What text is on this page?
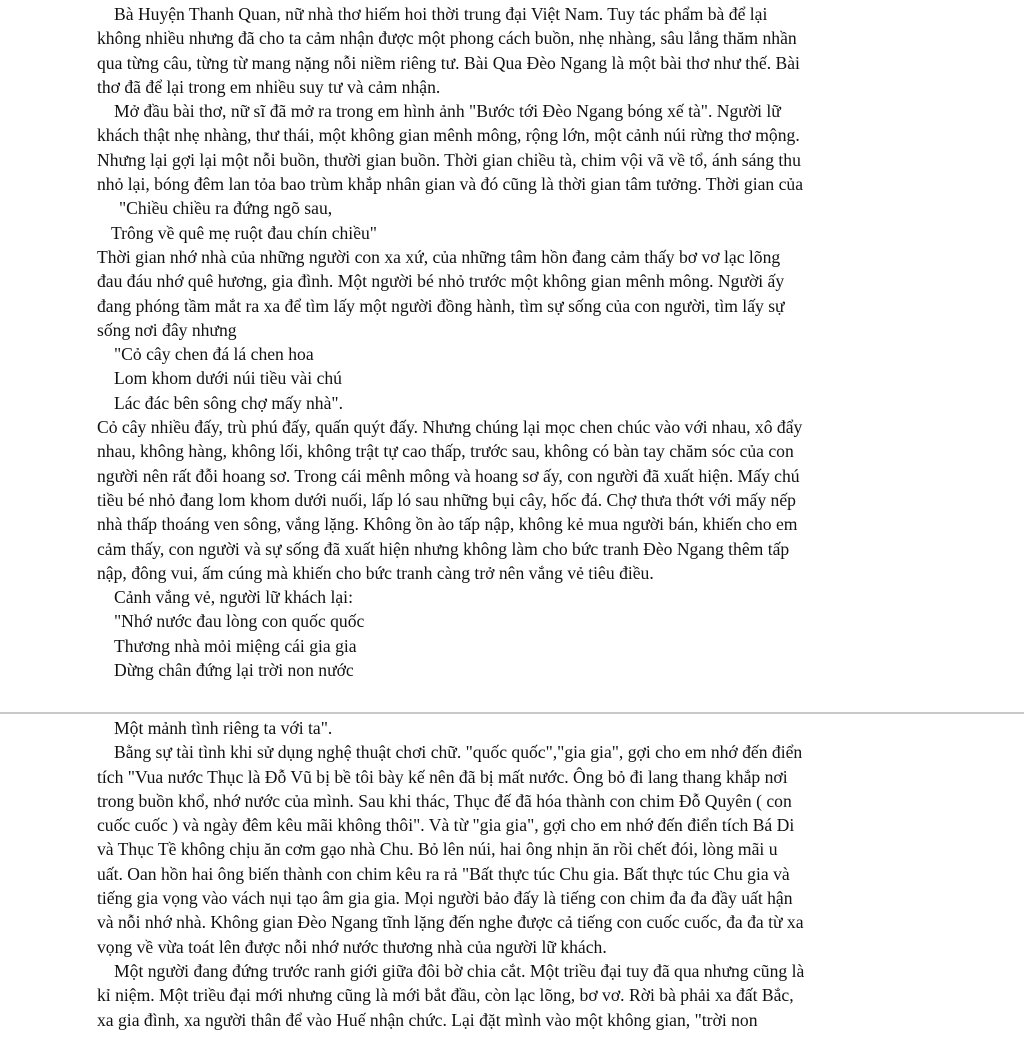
Bà Huyện Thanh Quan, nữ nhà thơ hiếm hoi thời trung đại Việt Nam. Tuy tác phẩm bà để lại
không nhiều nhưng đã cho ta cảm nhận được một phong cách buồn, nhẹ nhàng, sâu lắng thăm nhần
qua từng câu, từng từ mang nặng nỗi niềm riêng tư. Bài Qua Đèo Ngang là một bài thơ như thế. Bài
thơ đã để lại trong em nhiều suy tư và cảm nhận.
Mở đầu bài thơ, nữ sĩ đã mở ra trong em hình ảnh "Bước tới Đèo Ngang bóng xế tà". Người lữ
khách thật nhẹ nhàng, thư thái, một không gian mênh mông, rộng lớn, một cảnh núi rừng thơ mộng.
Nhưng lại gợi lại một nỗi buồn, thười gian buồn. Thời gian chiều tà, chim vội vã về tổ, ánh sáng thu
nhỏ lại, bóng đêm lan tỏa bao trùm khắp nhân gian và đó cũng là thời gian tâm tưởng. Thời gian của
"Chiều chiều ra đứng ngõ sau,
Trông về quê mẹ ruột đau chín chiều"
Thời gian nhớ nhà của những người con xa xứ, của những tâm hồn đang cảm thấy bơ vơ lạc lõng
đau đáu nhớ quê hương, gia đình. Một người bé nhỏ trước một không gian mênh mông. Người ấy
đang phóng tầm mắt ra xa để tìm lấy một người đồng hành, tìm sự sống của con người, tìm lấy sự
sống nơi đây nhưng
"Cỏ cây chen đá lá chen hoa
Lom khom dưới núi tiều vài chú
Lác đác bên sông chợ mấy nhà".
Cỏ cây nhiều đấy, trù phú đấy, quấn quýt đấy. Nhưng chúng lại mọc chen chúc vào với nhau, xô đẩy
nhau, không hàng, không lối, không trật tự cao thấp, trước sau, không có bàn tay chăm sóc của con
người nên rất đỗi hoang sơ. Trong cái mênh mông và hoang sơ ấy, con người đã xuất hiện. Mấy chú
tiều bé nhỏ đang lom khom dưới nuối, lấp ló sau những bụi cây, hốc đá. Chợ thưa thớt với mấy nếp
nhà thấp thoáng ven sông, vắng lặng. Không ồn ào tấp nập, không kẻ mua người bán, khiến cho em
cảm thấy, con người và sự sống đã xuất hiện nhưng không làm cho bức tranh Đèo Ngang thêm tấp
nập, đông vui, ấm cúng mà khiến cho bức tranh càng trở nên vắng vẻ tiêu điều.
Cảnh vắng vẻ, người lữ khách lại:
"Nhớ nước đau lòng con quốc quốc
Thương nhà mỏi miệng cái gia gia
Dừng chân đứng lại trời non nước
Một mảnh tình riêng ta với ta".
Bằng sự tài tình khi sử dụng nghệ thuật chơi chữ. "quốc quốc","gia gia", gợi cho em nhớ đến điển
tích "Vua nước Thục là Đỗ Vũ bị bề tôi bày kế nên đã bị mất nước. Ông bỏ đi lang thang khắp nơi
trong buồn khổ, nhớ nước của mình. Sau khi thác, Thục đế đã hóa thành con chim Đỗ Quyên ( con
cuốc cuốc ) và ngày đêm kêu mãi không thôi". Và từ "gia gia", gợi cho em nhớ đến điển tích Bá Di
và Thục Tề không chịu ăn cơm gạo nhà Chu. Bỏ lên núi, hai ông nhịn ăn rồi chết đói, lòng mãi u
uất. Oan hồn hai ông biến thành con chim kêu ra rả "Bất thực túc Chu gia. Bất thực túc Chu gia và
tiếng gia vọng vào vách nụi tạo âm gia gia. Mọi người bảo đấy là tiếng con chim đa đa đầy uất hận
và nỗi nhớ nhà. Không gian Đèo Ngang tĩnh lặng đến nghe được cả tiếng con cuốc cuốc, đa đa từ xa
vọng về vừa toát lên được nỗi nhớ nước thương nhà của người lữ khách.
Một người đang đứng trước ranh giới giữa đôi bờ chia cắt. Một triều đại tuy đã qua nhưng cũng là
kỉ niệm. Một triều đại mới nhưng cũng là mới bắt đầu, còn lạc lõng, bơ vơ. Rời bà phải xa đất Bắc,
xa gia đình, xa người thân để vào Huế nhận chức. Lại đặt mình vào một không gian, "trời non
